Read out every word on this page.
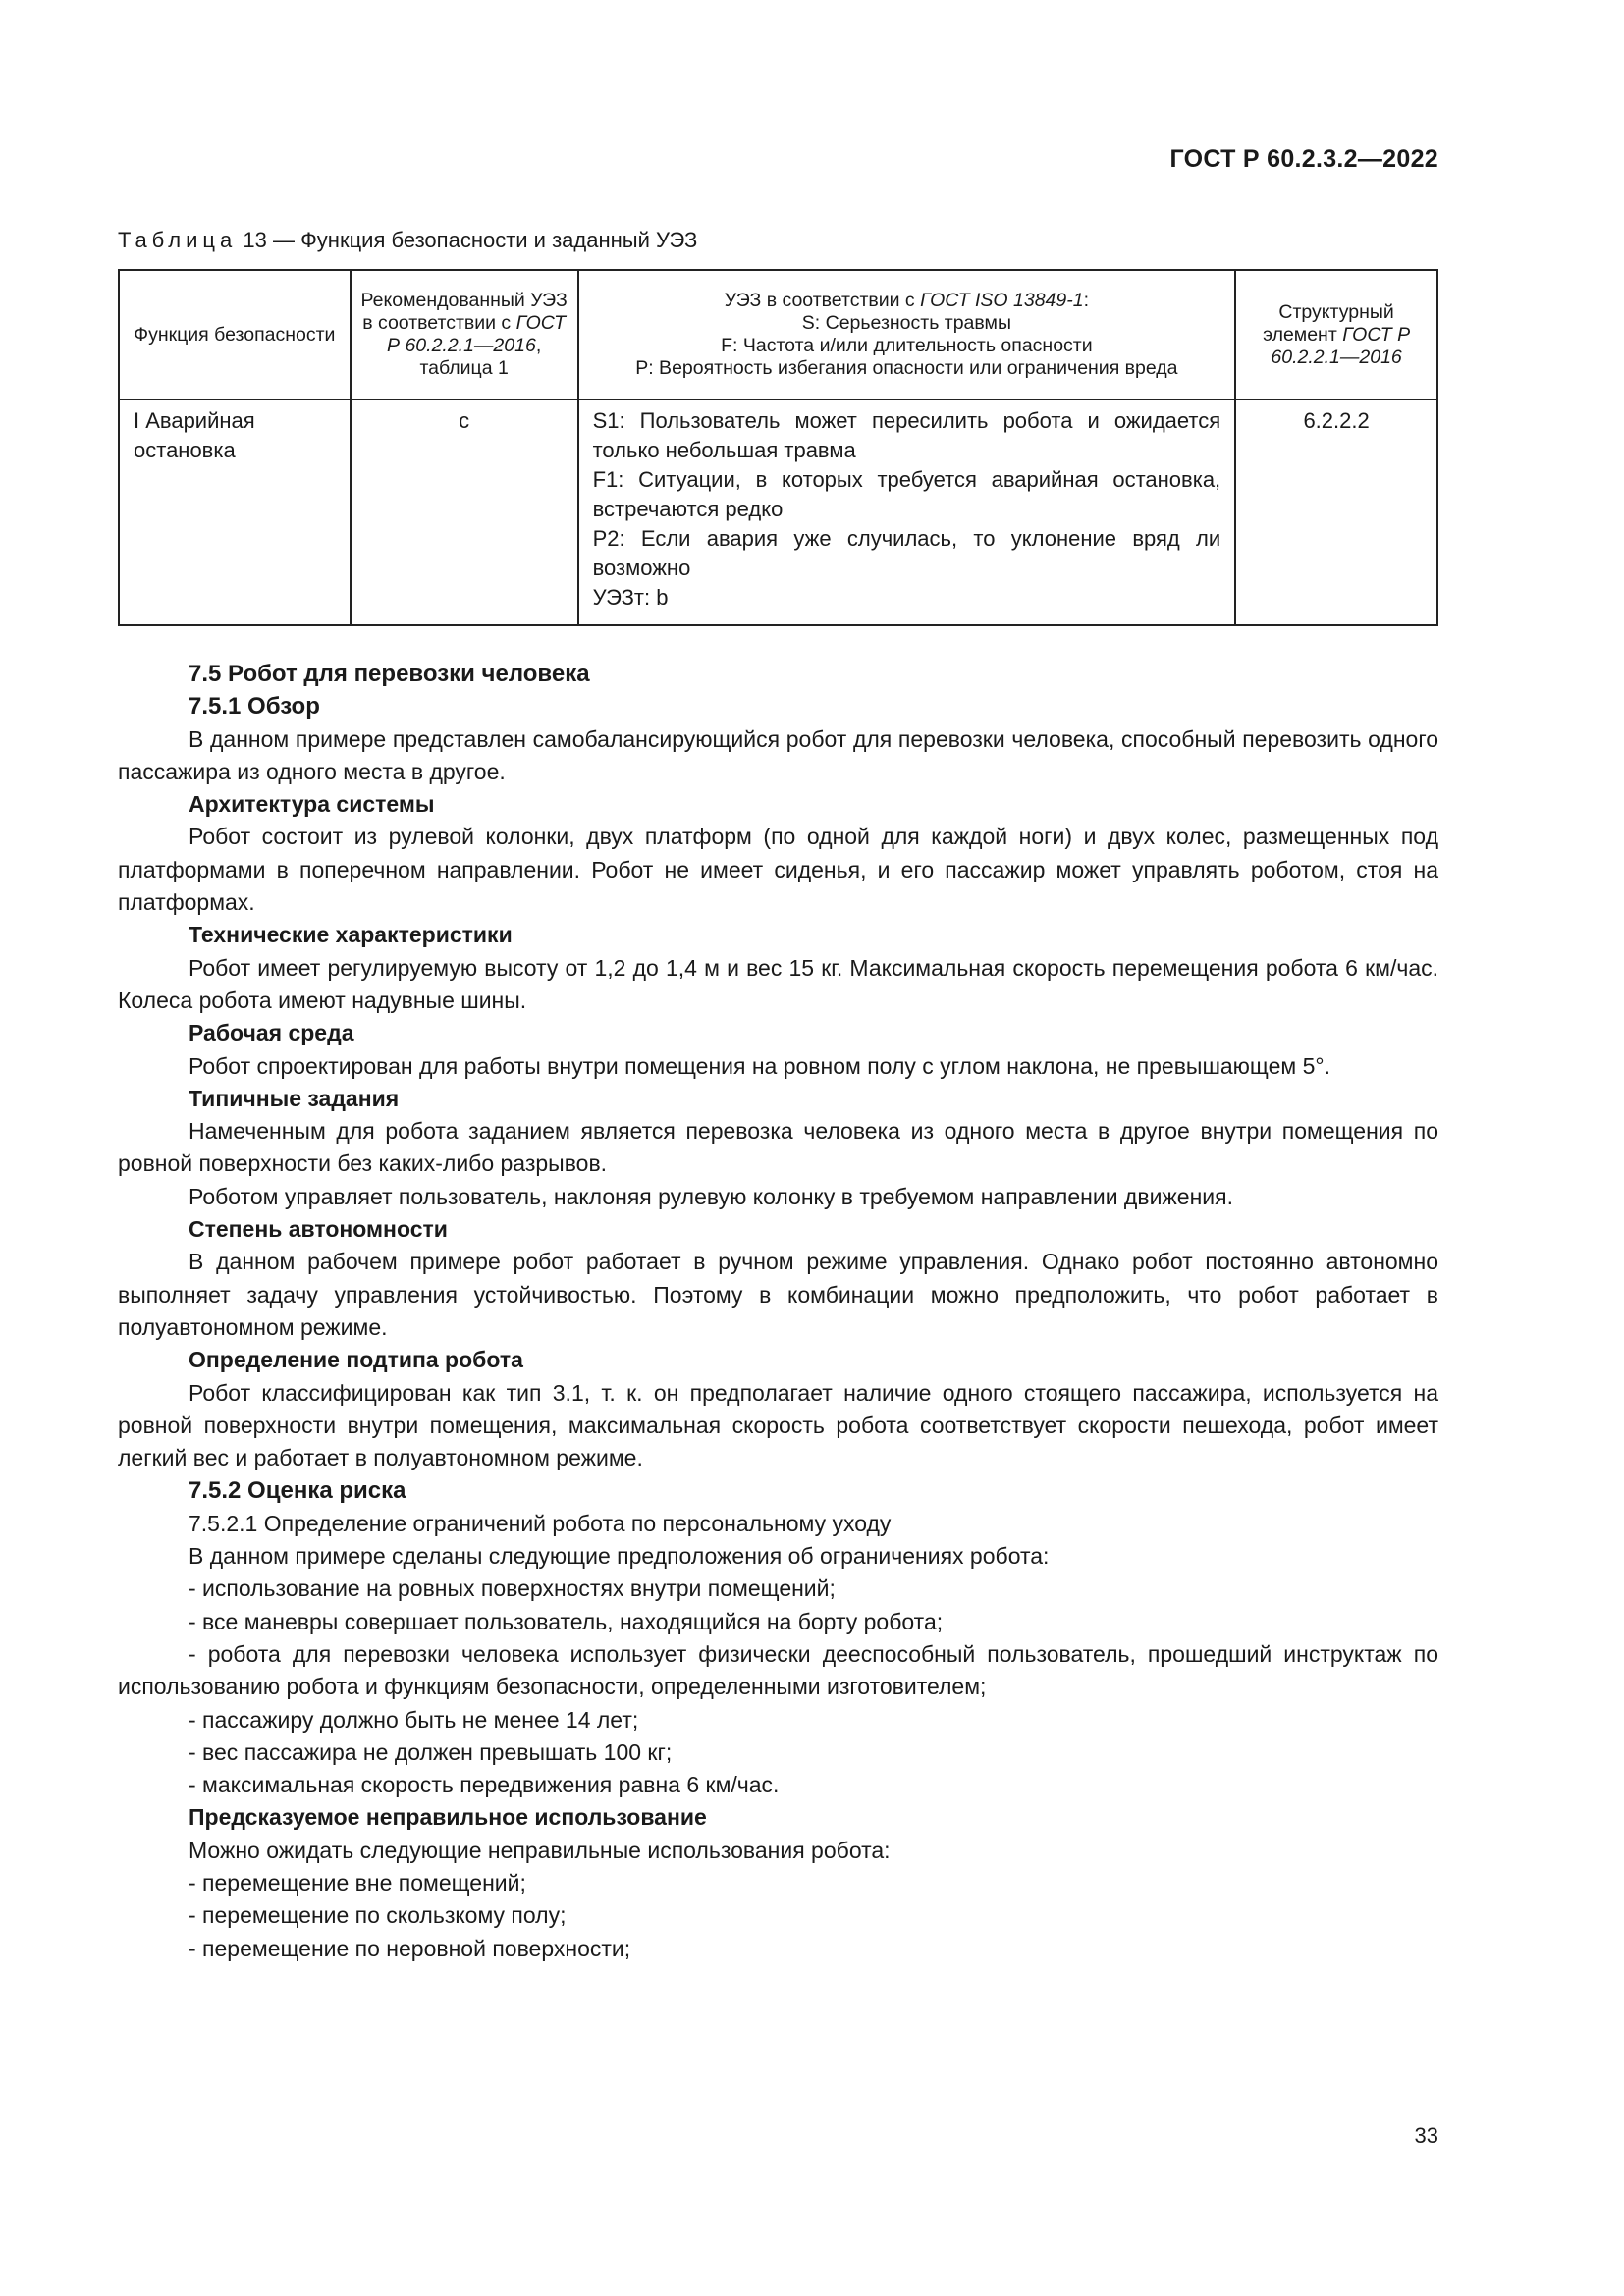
ГОСТ Р 60.2.3.2—2022
Таблица 13 — Функция безопасности и заданный УЭЗ
Функция безопасности	Рекомендованный УЭЗ в соответствии с ГОСТ Р 60.2.2.1—2016, таблица 1	УЭЗ в соответствии с ГОСТ ISO 13849-1:
S: Серьезность травмы
F: Частота и/или длительность опасности
P: Вероятность избегания опасности или ограничения вреда	Структурный элемент ГОСТ Р 60.2.2.1—2016
I Аварийная остановка	c	S1: Пользователь может пересилить робота и ожидается только небольшая травма
F1: Ситуации, в которых требуется аварийная остановка, встречаются редко
P2: Если авария уже случилась, то уклонение вряд ли возможно
УЭЗт: b	6.2.2.2

7.5 Робот для перевозки человека

7.5.1 Обзор

В данном примере представлен самобалансирующийся робот для перевозки человека, способный перевозить одного пассажира из одного места в другое.

Архитектура системы

Робот состоит из рулевой колонки, двух платформ (по одной для каждой ноги) и двух колес, размещенных под платформами в поперечном направлении. Робот не имеет сиденья, и его пассажир может управлять роботом, стоя на платформах.

Технические характеристики

Робот имеет регулируемую высоту от 1,2 до 1,4 м и вес 15 кг. Максимальная скорость перемещения робота 6 км/час. Колеса робота имеют надувные шины.

Рабочая среда

Робот спроектирован для работы внутри помещения на ровном полу с углом наклона, не превышающем 5°.

Типичные задания

Намеченным для робота заданием является перевозка человека из одного места в другое внутри помещения по ровной поверхности без каких-либо разрывов.

Роботом управляет пользователь, наклоняя рулевую колонку в требуемом направлении движения.

Степень автономности

В данном рабочем примере робот работает в ручном режиме управления. Однако робот постоянно автономно выполняет задачу управления устойчивостью. Поэтому в комбинации можно предположить, что робот работает в полуавтономном режиме.

Определение подтипа робота

Робот классифицирован как тип 3.1, т. к. он предполагает наличие одного стоящего пассажира, используется на ровной поверхности внутри помещения, максимальная скорость робота соответствует скорости пешехода, робот имеет легкий вес и работает в полуавтономном режиме.

7.5.2 Оценка риска

7.5.2.1 Определение ограничений робота по персональному уходу

В данном примере сделаны следующие предположения об ограничениях робота:

- использование на ровных поверхностях внутри помещений;

- все маневры совершает пользователь, находящийся на борту робота;

- робота для перевозки человека использует физически дееспособный пользователь, прошедший инструктаж по использованию робота и функциям безопасности, определенными изготовителем;

- пассажиру должно быть не менее 14 лет;

- вес пассажира не должен превышать 100 кг;

- максимальная скорость передвижения равна 6 км/час.

Предсказуемое неправильное использование

Можно ожидать следующие неправильные использования робота:

- перемещение вне помещений;

- перемещение по скользкому полу;

- перемещение по неровной поверхности;

33
